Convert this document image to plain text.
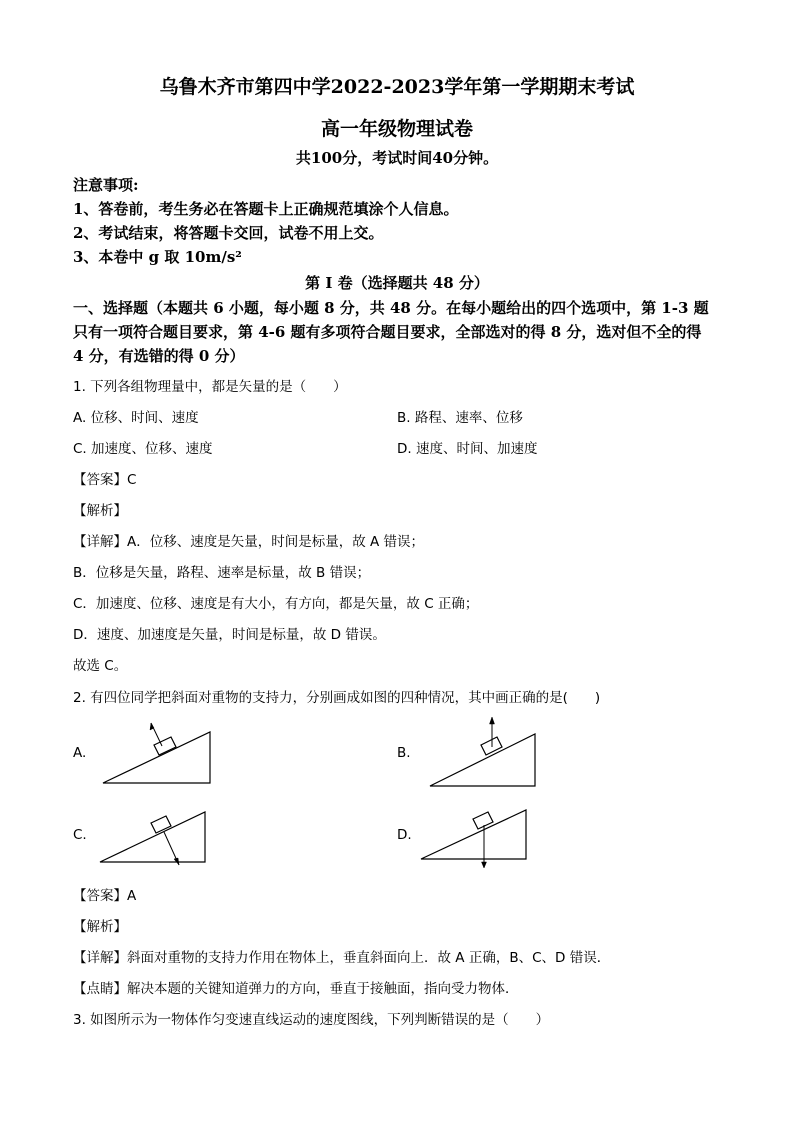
乌鲁木齐市第四中学2022-2023学年第一学期期末考试
高一年级物理试卷
共100分，考试时间40分钟。
注意事项:
1、答卷前，考生务必在答题卡上正确规范填涂个人信息。
2、考试结束，将答题卡交回，试卷不用上交。
3、本卷中 g 取 10m/s²
第 I 卷（选择题共 48 分）
一、选择题（本题共 6 小题，每小题 8 分，共 48 分。在每小题给出的四个选项中，第 1-3 题
只有一项符合题目要求，第 4-6 题有多项符合题目要求，全部选对的得 8 分，选对但不全的得
4 分，有选错的得 0 分）
1. 下列各组物理量中，都是矢量的是（　　）
A. 位移、时间、速度	B. 路程、速率、位移
C. 加速度、位移、速度	D. 速度、时间、加速度
【答案】C
【解析】
【详解】A．位移、速度是矢量，时间是标量，故 A 错误；
B．位移是矢量，路程、速率是标量，故 B 错误；
C．加速度、位移、速度是有大小，有方向，都是矢量，故 C 正确；
D．速度、加速度是矢量，时间是标量，故 D 错误。
故选 C。
2. 有四位同学把斜面对重物的支持力，分别画成如图的四种情况，其中画正确的是(　　)
A.	B.
C.	D.
【答案】A
【解析】
【详解】斜面对重物的支持力作用在物体上，垂直斜面向上．故 A 正确，B、C、D 错误．
【点睛】解决本题的关键知道弹力的方向，垂直于接触面，指向受力物体．
3. 如图所示为一物体作匀变速直线运动的速度图线，下列判断错误的是（　　）
